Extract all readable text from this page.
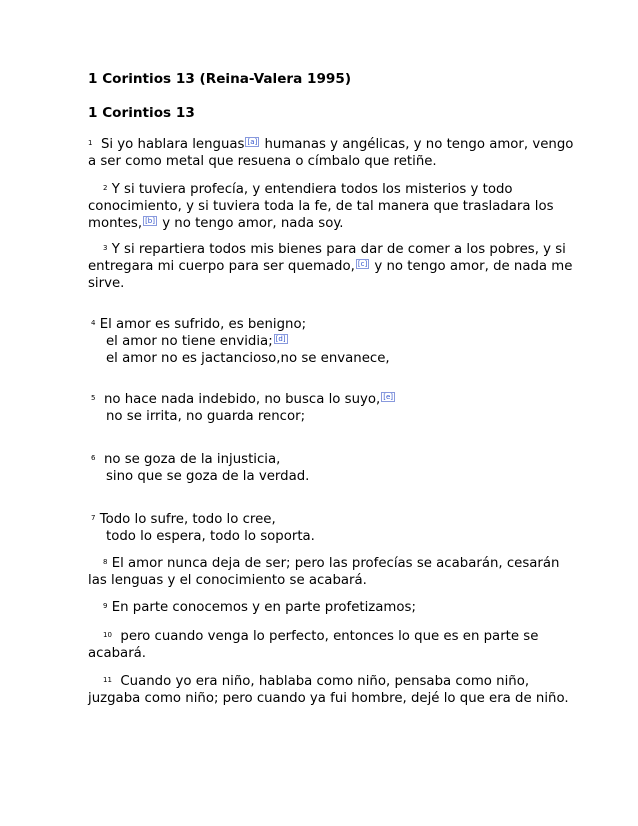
1 Corintios 13 (Reina-Valera 1995)
1 Corintios 13
$^1$ Si yo hablara lenguas [a] humanas y angélicas, y no tengo amor, vengo
a ser como metal que resuena o címbalo que retiñe.
$^2$ Y si tuviera profecía, y entendiera todos los misterios y todo
conocimiento, y si tuviera toda la fe, de tal manera que trasladara los
montes, [b] y no tengo amor, nada soy.
$^3$ Y si repartiera todos mis bienes para dar de comer a los pobres, y si
entregara mi cuerpo para ser quemado, [c] y no tengo amor, de nada me
sirve.
$^4$ El amor es sufrido, es benigno;
el amor no tiene envidia; [d]
el amor no es jactancioso,no se envanece,
$^5$ no hace nada indebido, no busca lo suyo, [e]
no se irrita, no guarda rencor;
$^6$ no se goza de la injusticia,
sino que se goza de la verdad.
$^7$ Todo lo sufre, todo lo cree,
todo lo espera, todo lo soporta.
$^8$ El amor nunca deja de ser; pero las profecías se acabarán, cesarán
las lenguas y el conocimiento se acabará.
$^9$ En parte conocemos y en parte profetizamos;
$^{10}$ pero cuando venga lo perfecto, entonces lo que es en parte se
acabará.
$^{11}$ Cuando yo era niño, hablaba como niño, pensaba como niño,
juzgaba como niño; pero cuando ya fui hombre, dejé lo que era de niño.
